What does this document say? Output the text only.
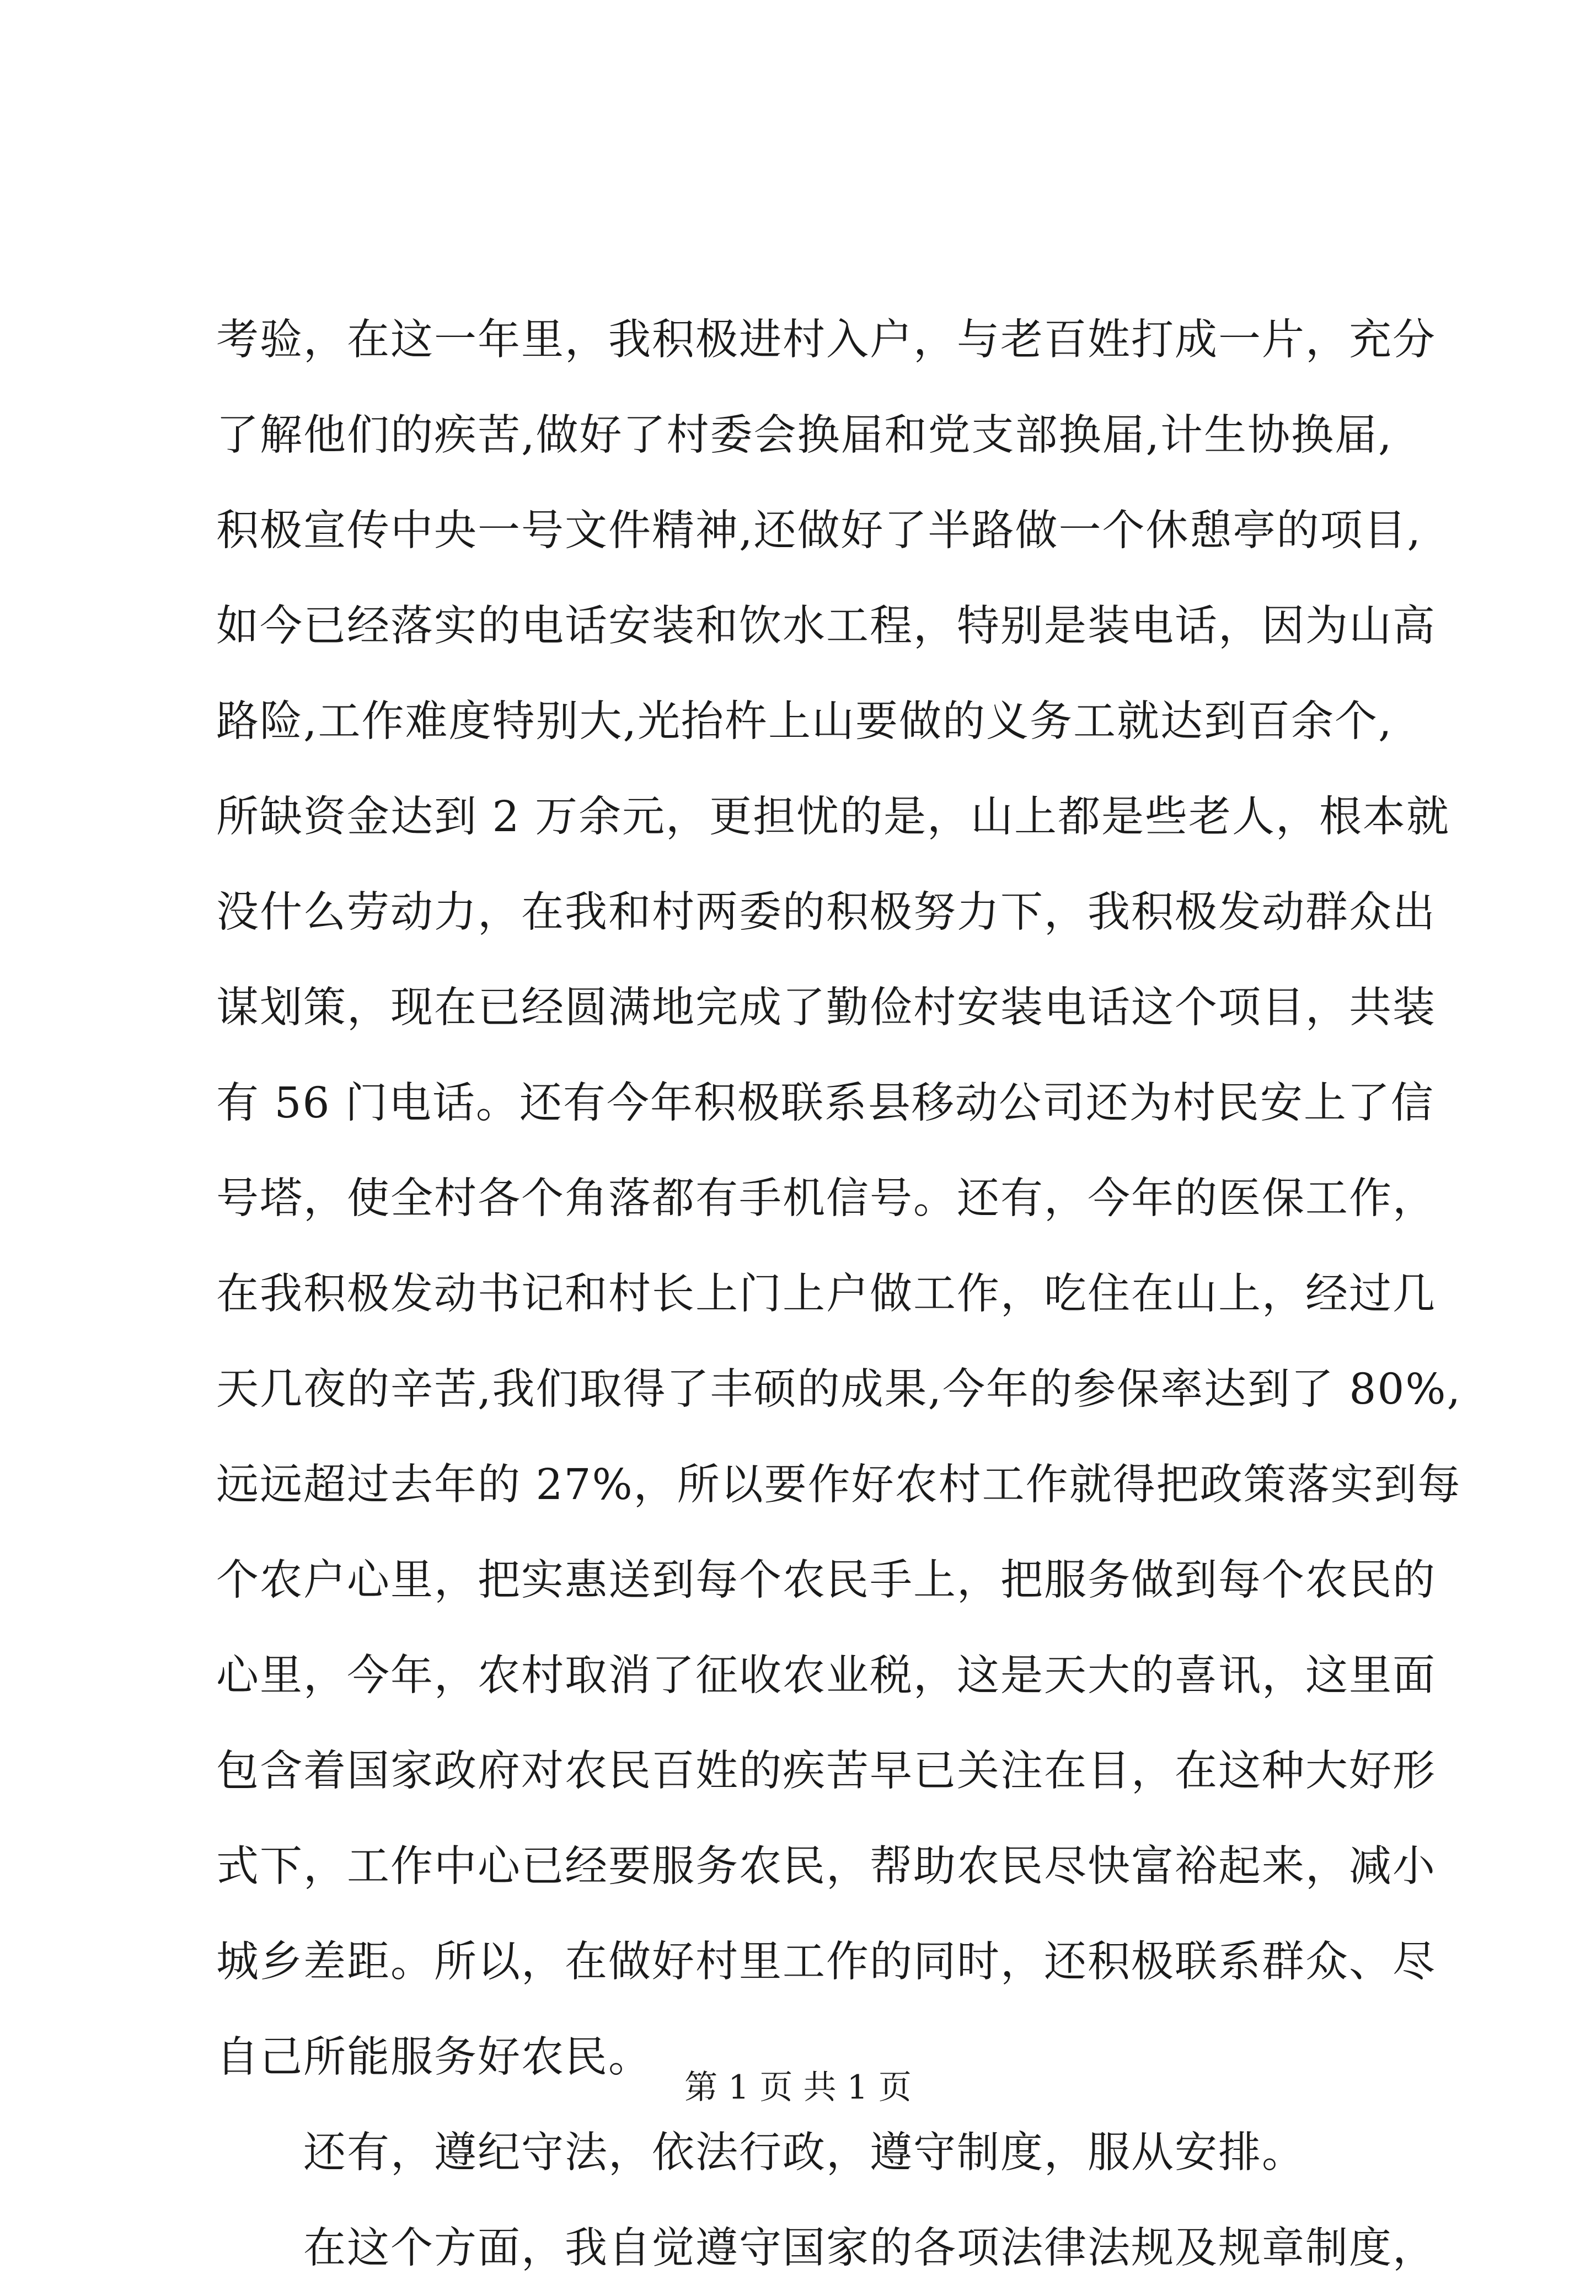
考验，在这一年里，我积极进村入户，与老百姓打成一片，充分
了解他们的疾苦,做好了村委会换届和党支部换届,计生协换届,
积极宣传中央一号文件精神,还做好了半路做一个休憩亭的项目,
如今已经落实的电话安装和饮水工程，特别是装电话，因为山高
路险,工作难度特别大,光抬杵上山要做的义务工就达到百余个,
所缺资金达到 2 万余元，更担忧的是，山上都是些老人，根本就
没什么劳动力，在我和村两委的积极努力下，我积极发动群众出
谋划策，现在已经圆满地完成了勤俭村安装电话这个项目，共装
有 56 门电话。还有今年积极联系县移动公司还为村民安上了信
号塔，使全村各个角落都有手机信号。还有，今年的医保工作，
在我积极发动书记和村长上门上户做工作，吃住在山上，经过几
天几夜的辛苦,我们取得了丰硕的成果,今年的参保率达到了 80%,
远远超过去年的 27%，所以要作好农村工作就得把政策落实到每
个农户心里，把实惠送到每个农民手上，把服务做到每个农民的
心里，今年，农村取消了征收农业税，这是天大的喜讯，这里面
包含着国家政府对农民百姓的疾苦早已关注在目，在这种大好形
式下，工作中心已经要服务农民，帮助农民尽快富裕起来，减小
城乡差距。所以，在做好村里工作的同时，还积极联系群众、尽
自己所能服务好农民。
　　还有，遵纪守法，依法行政，遵守制度，服从安排。
　　在这个方面，我自觉遵守国家的各项法律法规及规章制度，
第 1 页 共 1 页
